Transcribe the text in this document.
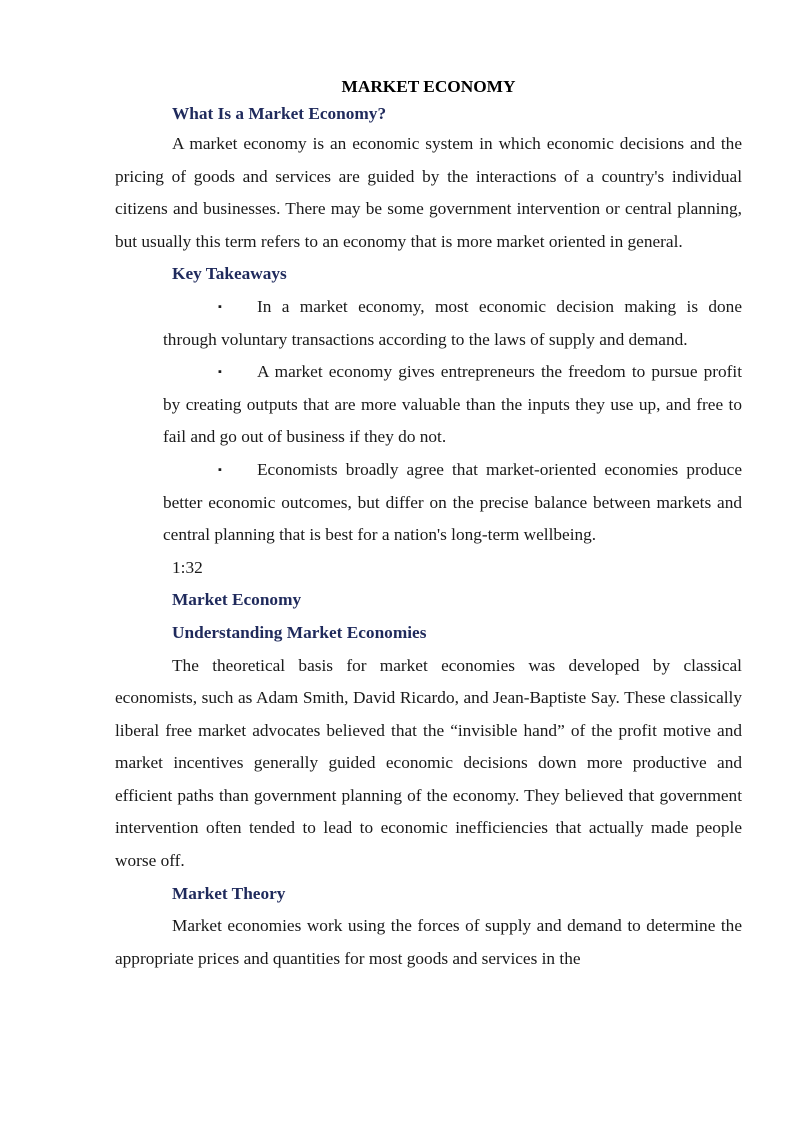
MARKET ECONOMY
What Is a Market Economy?

A market economy is an economic system in which economic decisions and the pricing of goods and services are guided by the interactions of a country's individual citizens and businesses. There may be some government intervention or central planning, but usually this term refers to an economy that is more market oriented in general.

Key Takeaways
▪ In a market economy, most economic decision making is done through voluntary transactions according to the laws of supply and demand.
▪ A market economy gives entrepreneurs the freedom to pursue profit by creating outputs that are more valuable than the inputs they use up, and free to fail and go out of business if they do not.
▪ Economists broadly agree that market-oriented economies produce better economic outcomes, but differ on the precise balance between markets and central planning that is best for a nation's long-term wellbeing.

1:32

Market Economy
Understanding Market Economies

The theoretical basis for market economies was developed by classical economists, such as Adam Smith, David Ricardo, and Jean-Baptiste Say. These classically liberal free market advocates believed that the “invisible hand” of the profit motive and market incentives generally guided economic decisions down more productive and efficient paths than government planning of the economy. They believed that government intervention often tended to lead to economic inefficiencies that actually made people worse off.

Market Theory

Market economies work using the forces of supply and demand to determine the appropriate prices and quantities for most goods and services in the
